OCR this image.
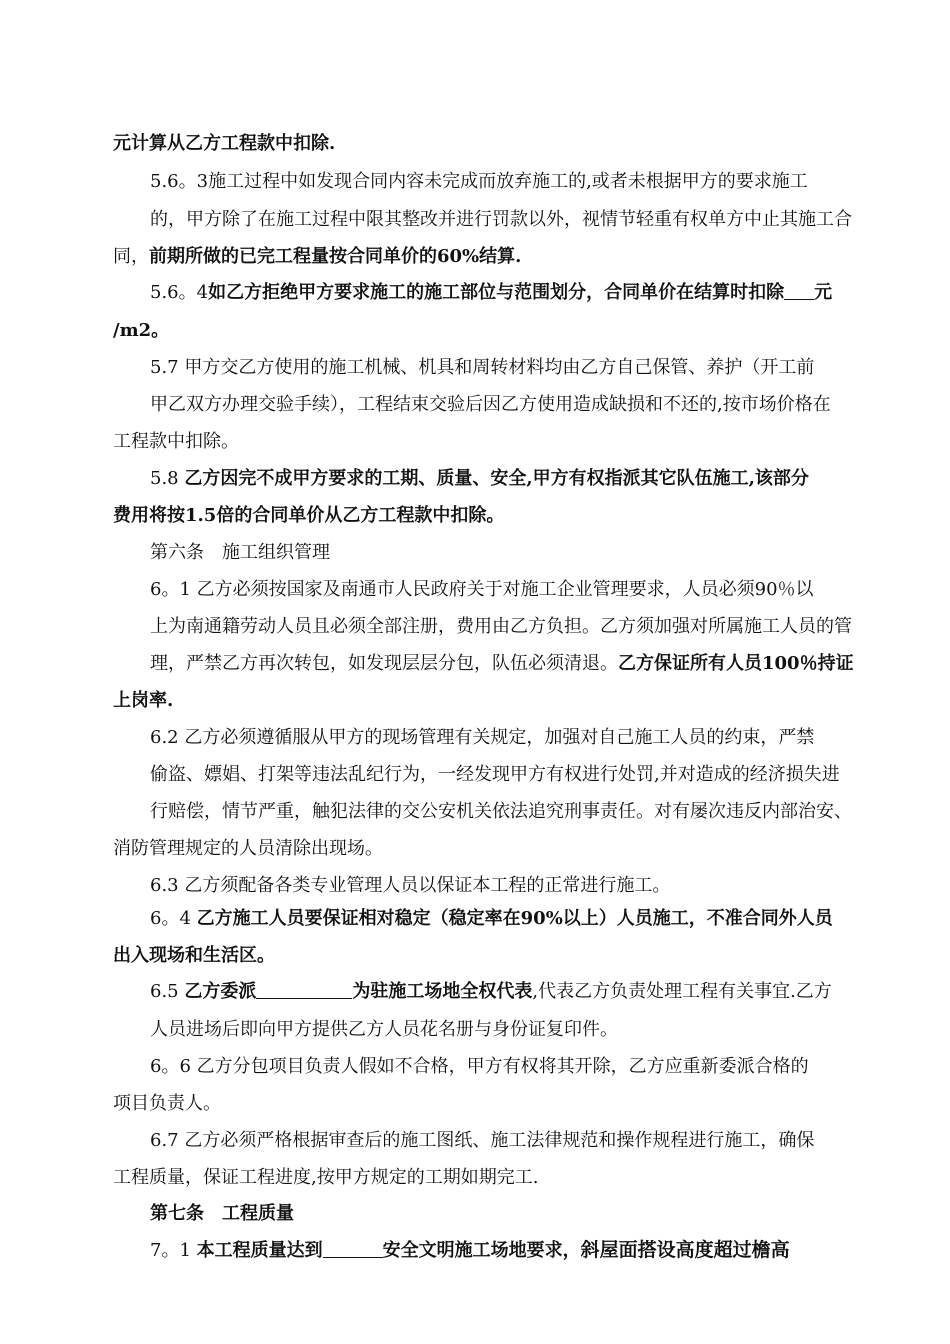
元计算从乙方工程款中扣除.
5.6。3施工过程中如发现合同内容未完成而放弃施工的,或者未根据甲方的要求施工
的，甲方除了在施工过程中限其整改并进行罚款以外，视情节轻重有权单方中止其施工合
同，前期所做的已完工程量按合同单价的60%结算.
5.6。4如乙方拒绝甲方要求施工的施工部位与范围划分，合同单价在结算时扣除 元
/m2。
5.7 甲方交乙方使用的施工机械、机具和周转材料均由乙方自己保管、养护（开工前
甲乙双方办理交验手续），工程结束交验后因乙方使用造成缺损和不还的,按市场价格在
工程款中扣除。
5.8 乙方因完不成甲方要求的工期、质量、安全,甲方有权指派其它队伍施工,该部分
费用将按1.5倍的合同单价从乙方工程款中扣除。
第六条　施工组织管理
6。1 乙方必须按国家及南通市人民政府关于对施工企业管理要求，人员必须90％以
上为南通籍劳动人员且必须全部注册，费用由乙方负担。乙方须加强对所属施工人员的管
理，严禁乙方再次转包，如发现层层分包，队伍必须清退。乙方保证所有人员100％持证
上岗率.
6.2 乙方必须遵循服从甲方的现场管理有关规定，加强对自己施工人员的约束，严禁
偷盗、嫖娼、打架等违法乱纪行为，一经发现甲方有权进行处罚,并对造成的经济损失进
行赔偿，情节严重，触犯法律的交公安机关依法追究刑事责任。对有屡次违反内部治安、
消防管理规定的人员清除出现场。
6.3 乙方须配备各类专业管理人员以保证本工程的正常进行施工。
6。4 乙方施工人员要保证相对稳定（稳定率在90%以上）人员施工，不准合同外人员
出入现场和生活区。
6.5 乙方委派	为驻施工场地全权代表,代表乙方负责处理工程有关事宜.乙方
人员进场后即向甲方提供乙方人员花名册与身份证复印件。
6。6 乙方分包项目负责人假如不合格，甲方有权将其开除，乙方应重新委派合格的
项目负责人。
6.7 乙方必须严格根据审查后的施工图纸、施工法律规范和操作规程进行施工，确保
工程质量，保证工程进度,按甲方规定的工期如期完工.
第七条　工程质量
7。1 本工程质量达到	安全文明施工场地要求，斜屋面搭设高度超过檐高
